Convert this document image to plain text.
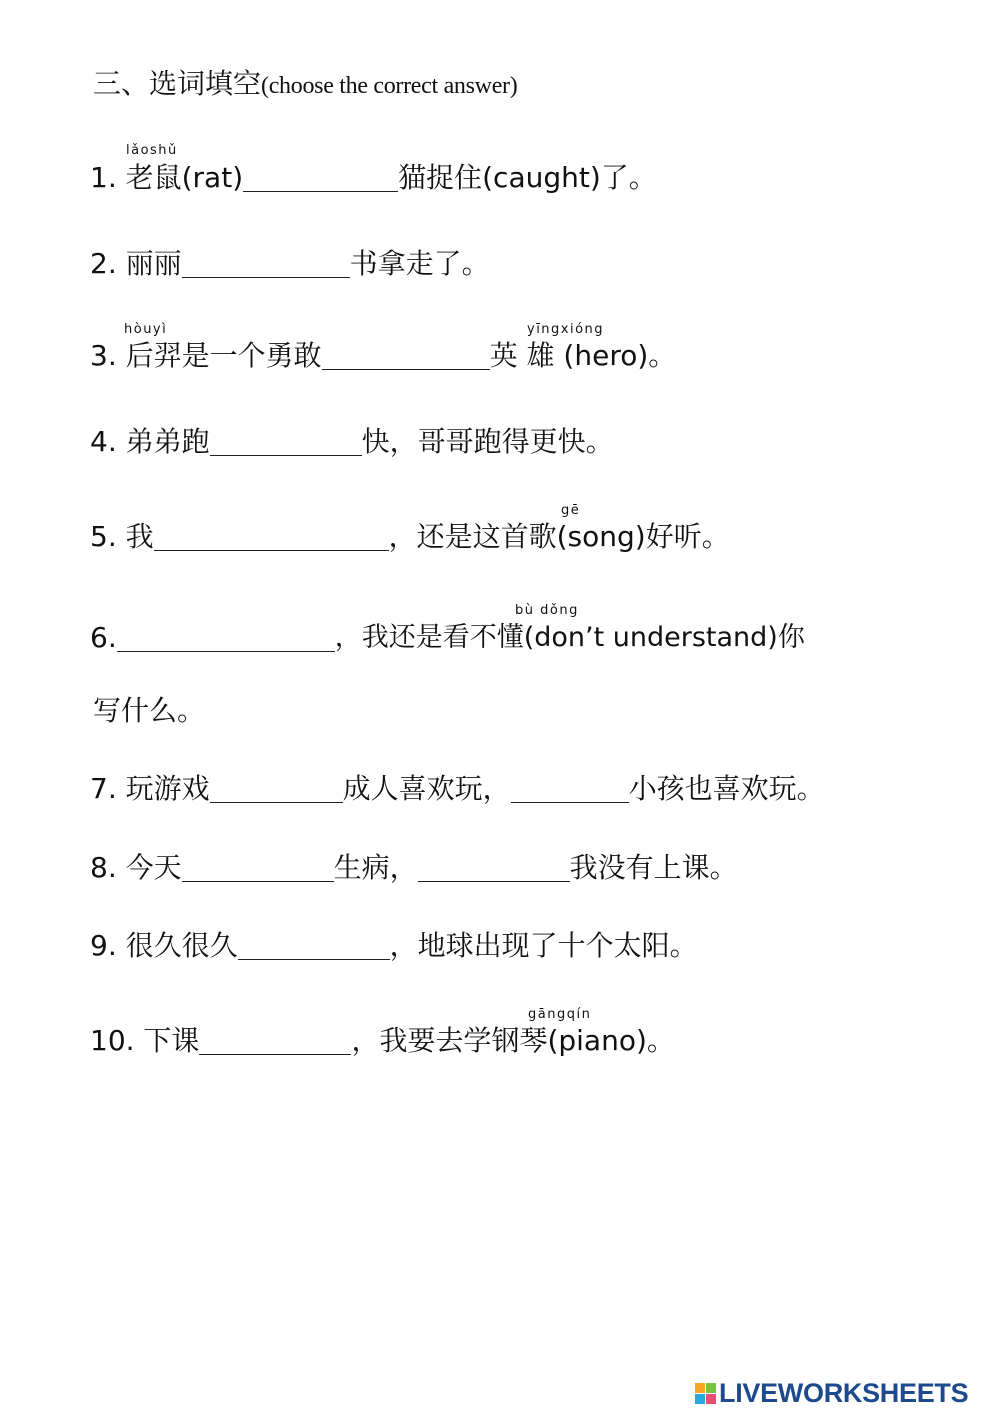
三、选词填空(choose the correct answer)
lǎoshǔ
hòuyì	yīngxióng
gē
bù dǒng
gāngqín
1. 老鼠(rat)	猫捉住(caught)了。
2. 丽丽	书拿走了。
3. 后羿是一个勇敢	英 雄 (hero)。
4. 弟弟跑	快，哥哥跑得更快。
5. 我	，还是这首歌(song)好听。
6.	，我还是看不懂(don’t understand)你
写什么。
7. 玩游戏	成人喜欢玩，	小孩也喜欢玩。
8. 今天	生病，	我没有上课。
9. 很久很久	，地球出现了十个太阳。
10. 下课	，我要去学钢琴(piano)。
LIVEWORKSHEETS
